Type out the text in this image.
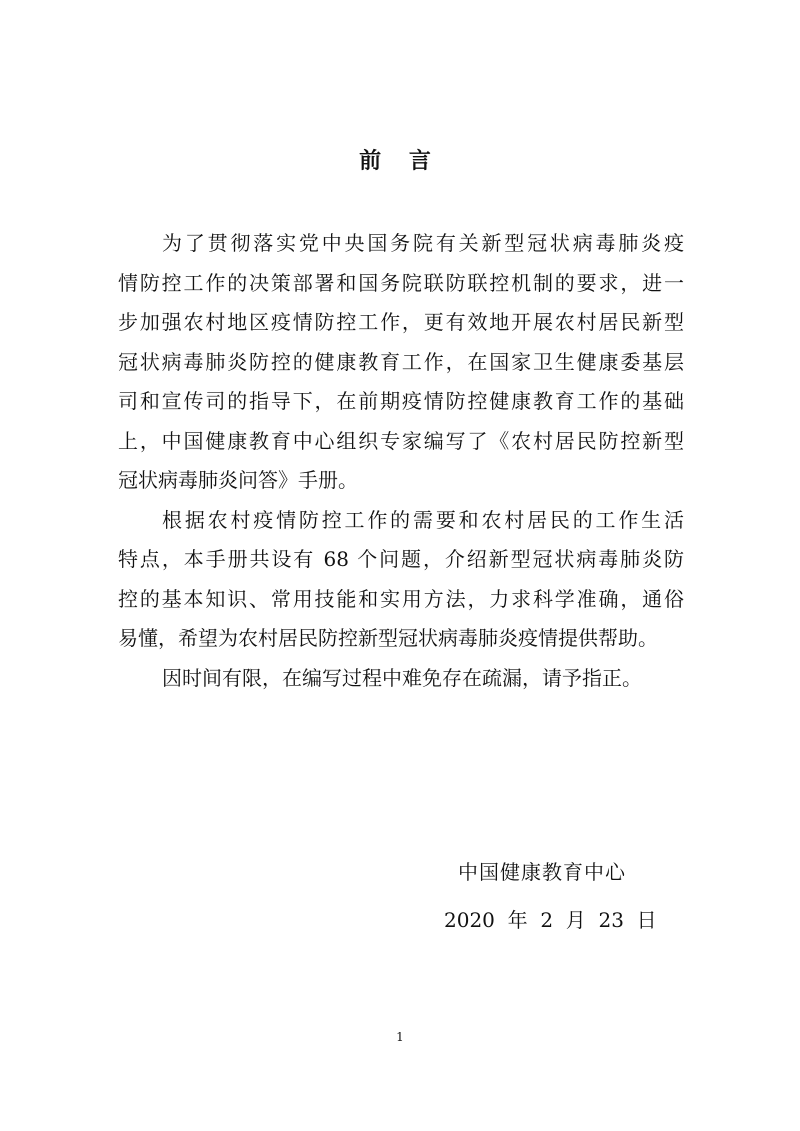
前 言
为了贯彻落实党中央国务院有关新型冠状病毒肺炎疫
情防控工作的决策部署和国务院联防联控机制的要求，进一
步加强农村地区疫情防控工作，更有效地开展农村居民新型
冠状病毒肺炎防控的健康教育工作，在国家卫生健康委基层
司和宣传司的指导下，在前期疫情防控健康教育工作的基础
上，中国健康教育中心组织专家编写了《农村居民防控新型
冠状病毒肺炎问答》手册。
根据农村疫情防控工作的需要和农村居民的工作生活
特点，本手册共设有 68 个问题，介绍新型冠状病毒肺炎防
控的基本知识、常用技能和实用方法，力求科学准确，通俗
易懂，希望为农村居民防控新型冠状病毒肺炎疫情提供帮助。
因时间有限，在编写过程中难免存在疏漏，请予指正。
中国健康教育中心
2020  年  2  月  23  日
1
